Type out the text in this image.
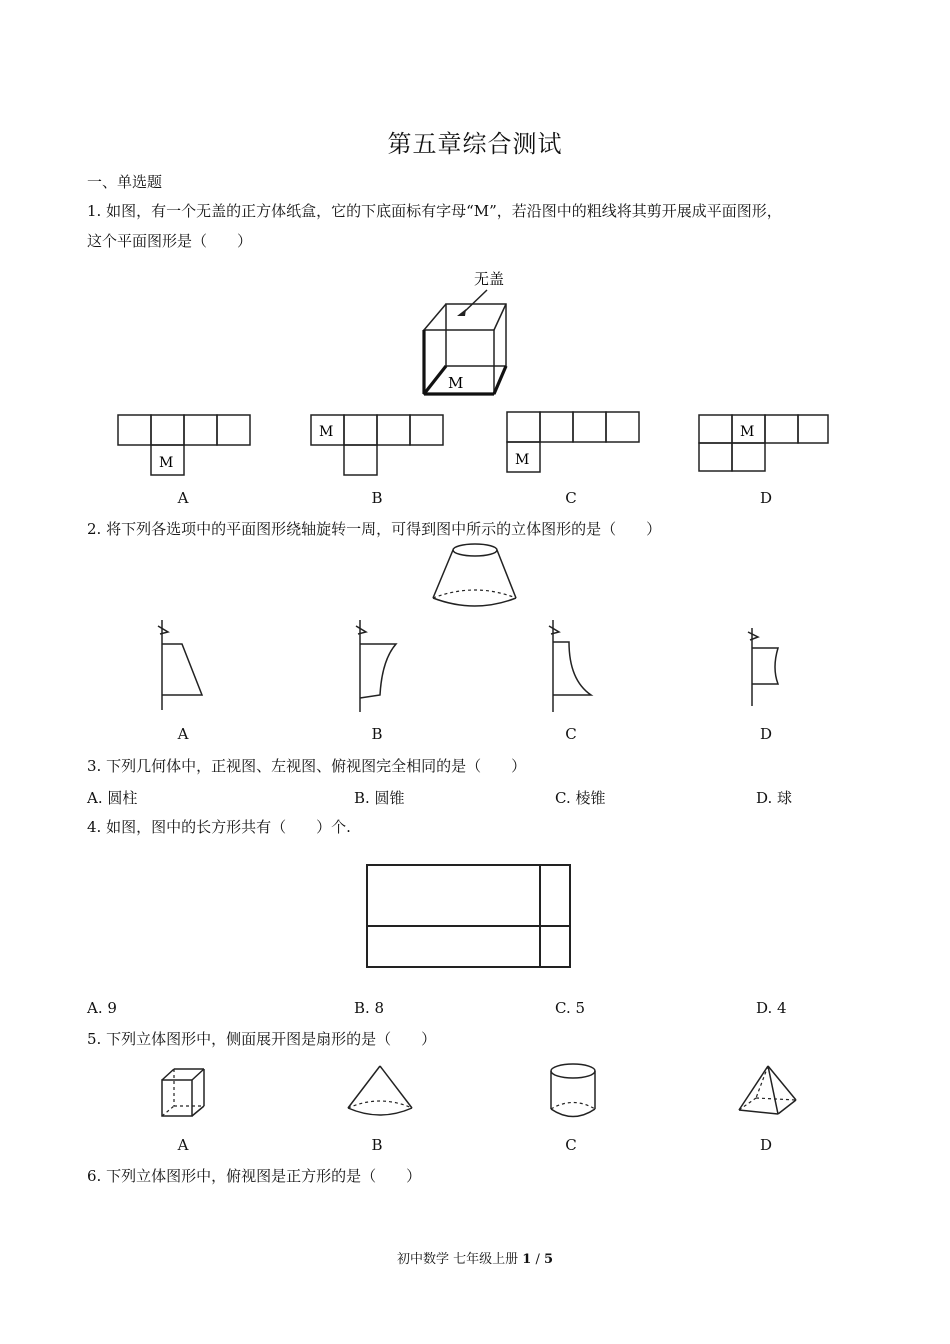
第五章综合测试
一、单选题
1. 如图，有一个无盖的正方体纸盒，它的下底面标有字母“M”，若沿图中的粗线将其剪开展成平面图形，
这个平面图形是（　　）
无盖
M
M
M
M
M
A	B	C	D
2. 将下列各选项中的平面图形绕轴旋转一周，可得到图中所示的立体图形的是（　　）
A	B	C	D
3. 下列几何体中，正视图、左视图、俯视图完全相同的是（　　）
A. 圆柱	B. 圆锥	C. 棱锥	D. 球
4. 如图，图中的长方形共有（　　）个.
A. 9	B. 8	C. 5	D. 4
5. 下列立体图形中，侧面展开图是扇形的是（　　）
A	B	C	D
6. 下列立体图形中，俯视图是正方形的是（　　）
初中数学 七年级上册 1 / 5
